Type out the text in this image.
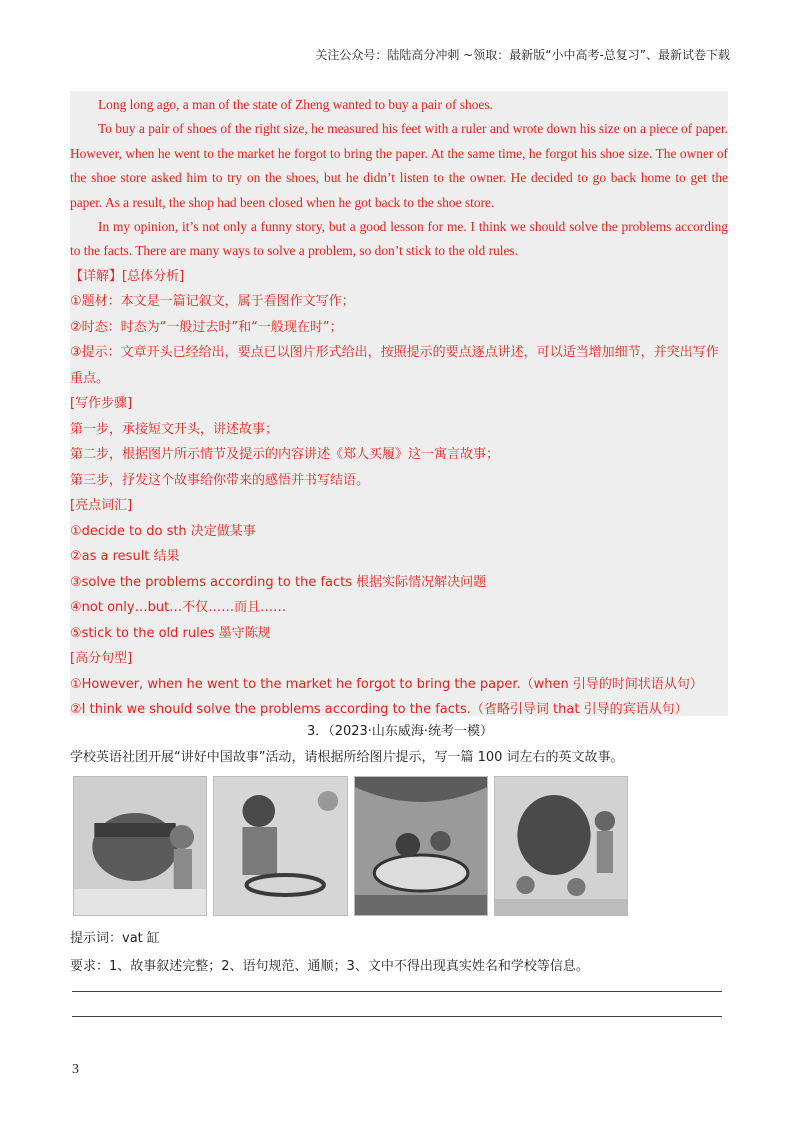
关注公众号：陆陆高分冲刺 ~领取：最新版“小中高考-总复习”、最新试卷下载

Long long ago, a man of the state of Zheng wanted to buy a pair of shoes.

To buy a pair of shoes of the right size, he measured his feet with a ruler and wrote down his size on a piece of paper. However, when he went to the market he forgot to bring the paper. At the same time, he forgot his shoe size. The owner of the shoe store asked him to try on the shoes, but he didn’t listen to the owner. He decided to go back home to get the paper. As a result, the shop had been closed when he got back to the shoe store.

In my opinion, it’s not only a funny story, but a good lesson for me. I think we should solve the problems according to the facts. There are many ways to solve a problem, so don’t stick to the old rules.

【详解】[总体分析]

①题材：本文是一篇记叙文，属于看图作文写作；

②时态：时态为“一般过去时”和“一般现在时”；

③提示：文章开头已经给出，要点已以图片形式给出，按照提示的要点逐点讲述，可以适当增加细节，并突出写作重点。

[写作步骤]

第一步，承接短文开头，讲述故事；

第二步，根据图片所示情节及提示的内容讲述《郑人买履》这一寓言故事；

第三步，抒发这个故事给你带来的感悟并书写结语。

[亮点词汇]

①decide to do sth 决定做某事

②as a result 结果

③solve the problems according to the facts 根据实际情况解决问题

④not only…but…不仅……而且……

⑤stick to the old rules 墨守陈规

[高分句型]

①However, when he went to the market he forgot to bring the paper.（when 引导的时间状语从句）

②I think we should solve the problems according to the facts.（省略引导词 that 引导的宾语从句）

3．（2023·山东威海·统考一模）
学校英语社团开展“讲好中国故事”活动，请根据所给图片提示，写一篇 100 词左右的英文故事。
提示词：vat 缸
要求：1、故事叙述完整；2、语句规范、通顺；3、文中不得出现真实姓名和学校等信息。
3
